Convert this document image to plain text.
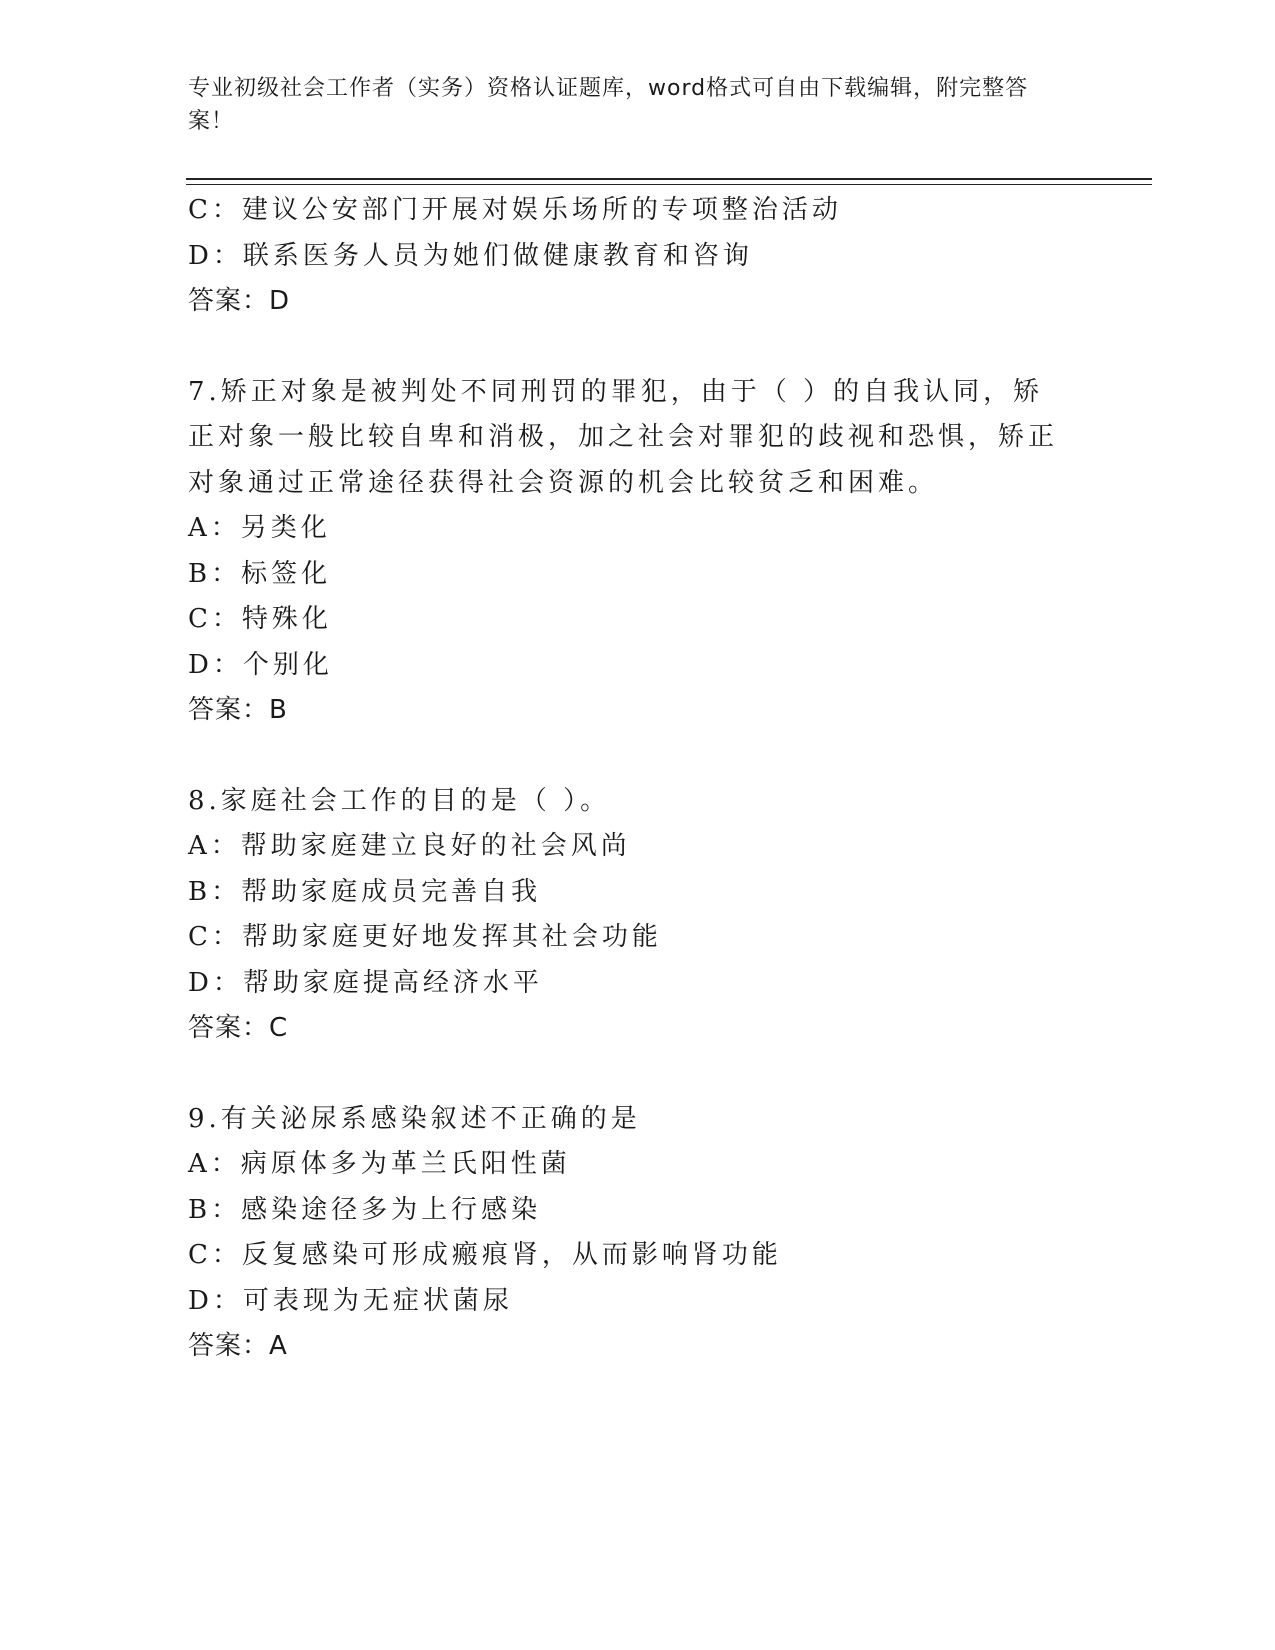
专业初级社会工作者（实务）资格认证题库，word格式可自由下载编辑，附完整答案！
C：建议公安部门开展对娱乐场所的专项整治活动
D：联系医务人员为她们做健康教育和咨询
答案：D
7.矫正对象是被判处不同刑罚的罪犯，由于（ ）的自我认同，矫正对象一般比较自卑和消极，加之社会对罪犯的歧视和恐惧，矫正对象通过正常途径获得社会资源的机会比较贫乏和困难。
A：另类化
B：标签化
C：特殊化
D：个别化
答案：B
8.家庭社会工作的目的是（ ）。
A：帮助家庭建立良好的社会风尚
B：帮助家庭成员完善自我
C：帮助家庭更好地发挥其社会功能
D：帮助家庭提高经济水平
答案：C
9.有关泌尿系感染叙述不正确的是
A：病原体多为革兰氏阳性菌
B：感染途径多为上行感染
C：反复感染可形成瘢痕肾，从而影响肾功能
D：可表现为无症状菌尿
答案：A
